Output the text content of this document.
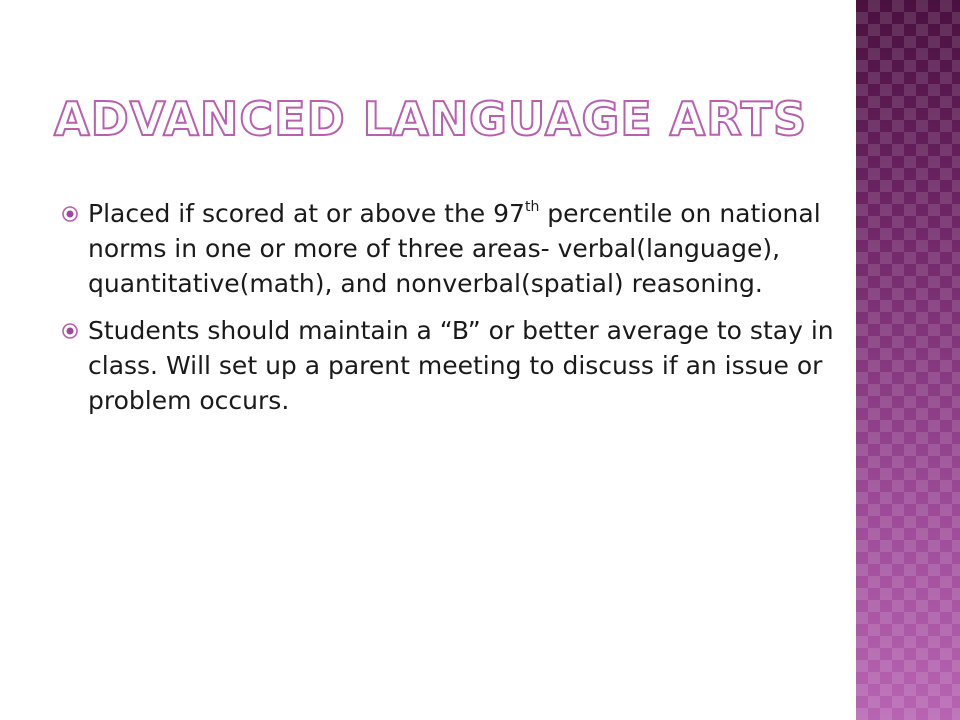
ADVANCED LANGUAGE ARTS
Placed if scored at or above the 97th percentile on national norms in one or more of three areas- verbal(language), quantitative(math), and nonverbal(spatial) reasoning.
Students should maintain a “B” or better average to stay in class. Will set up a parent meeting to discuss if an issue or problem occurs.
